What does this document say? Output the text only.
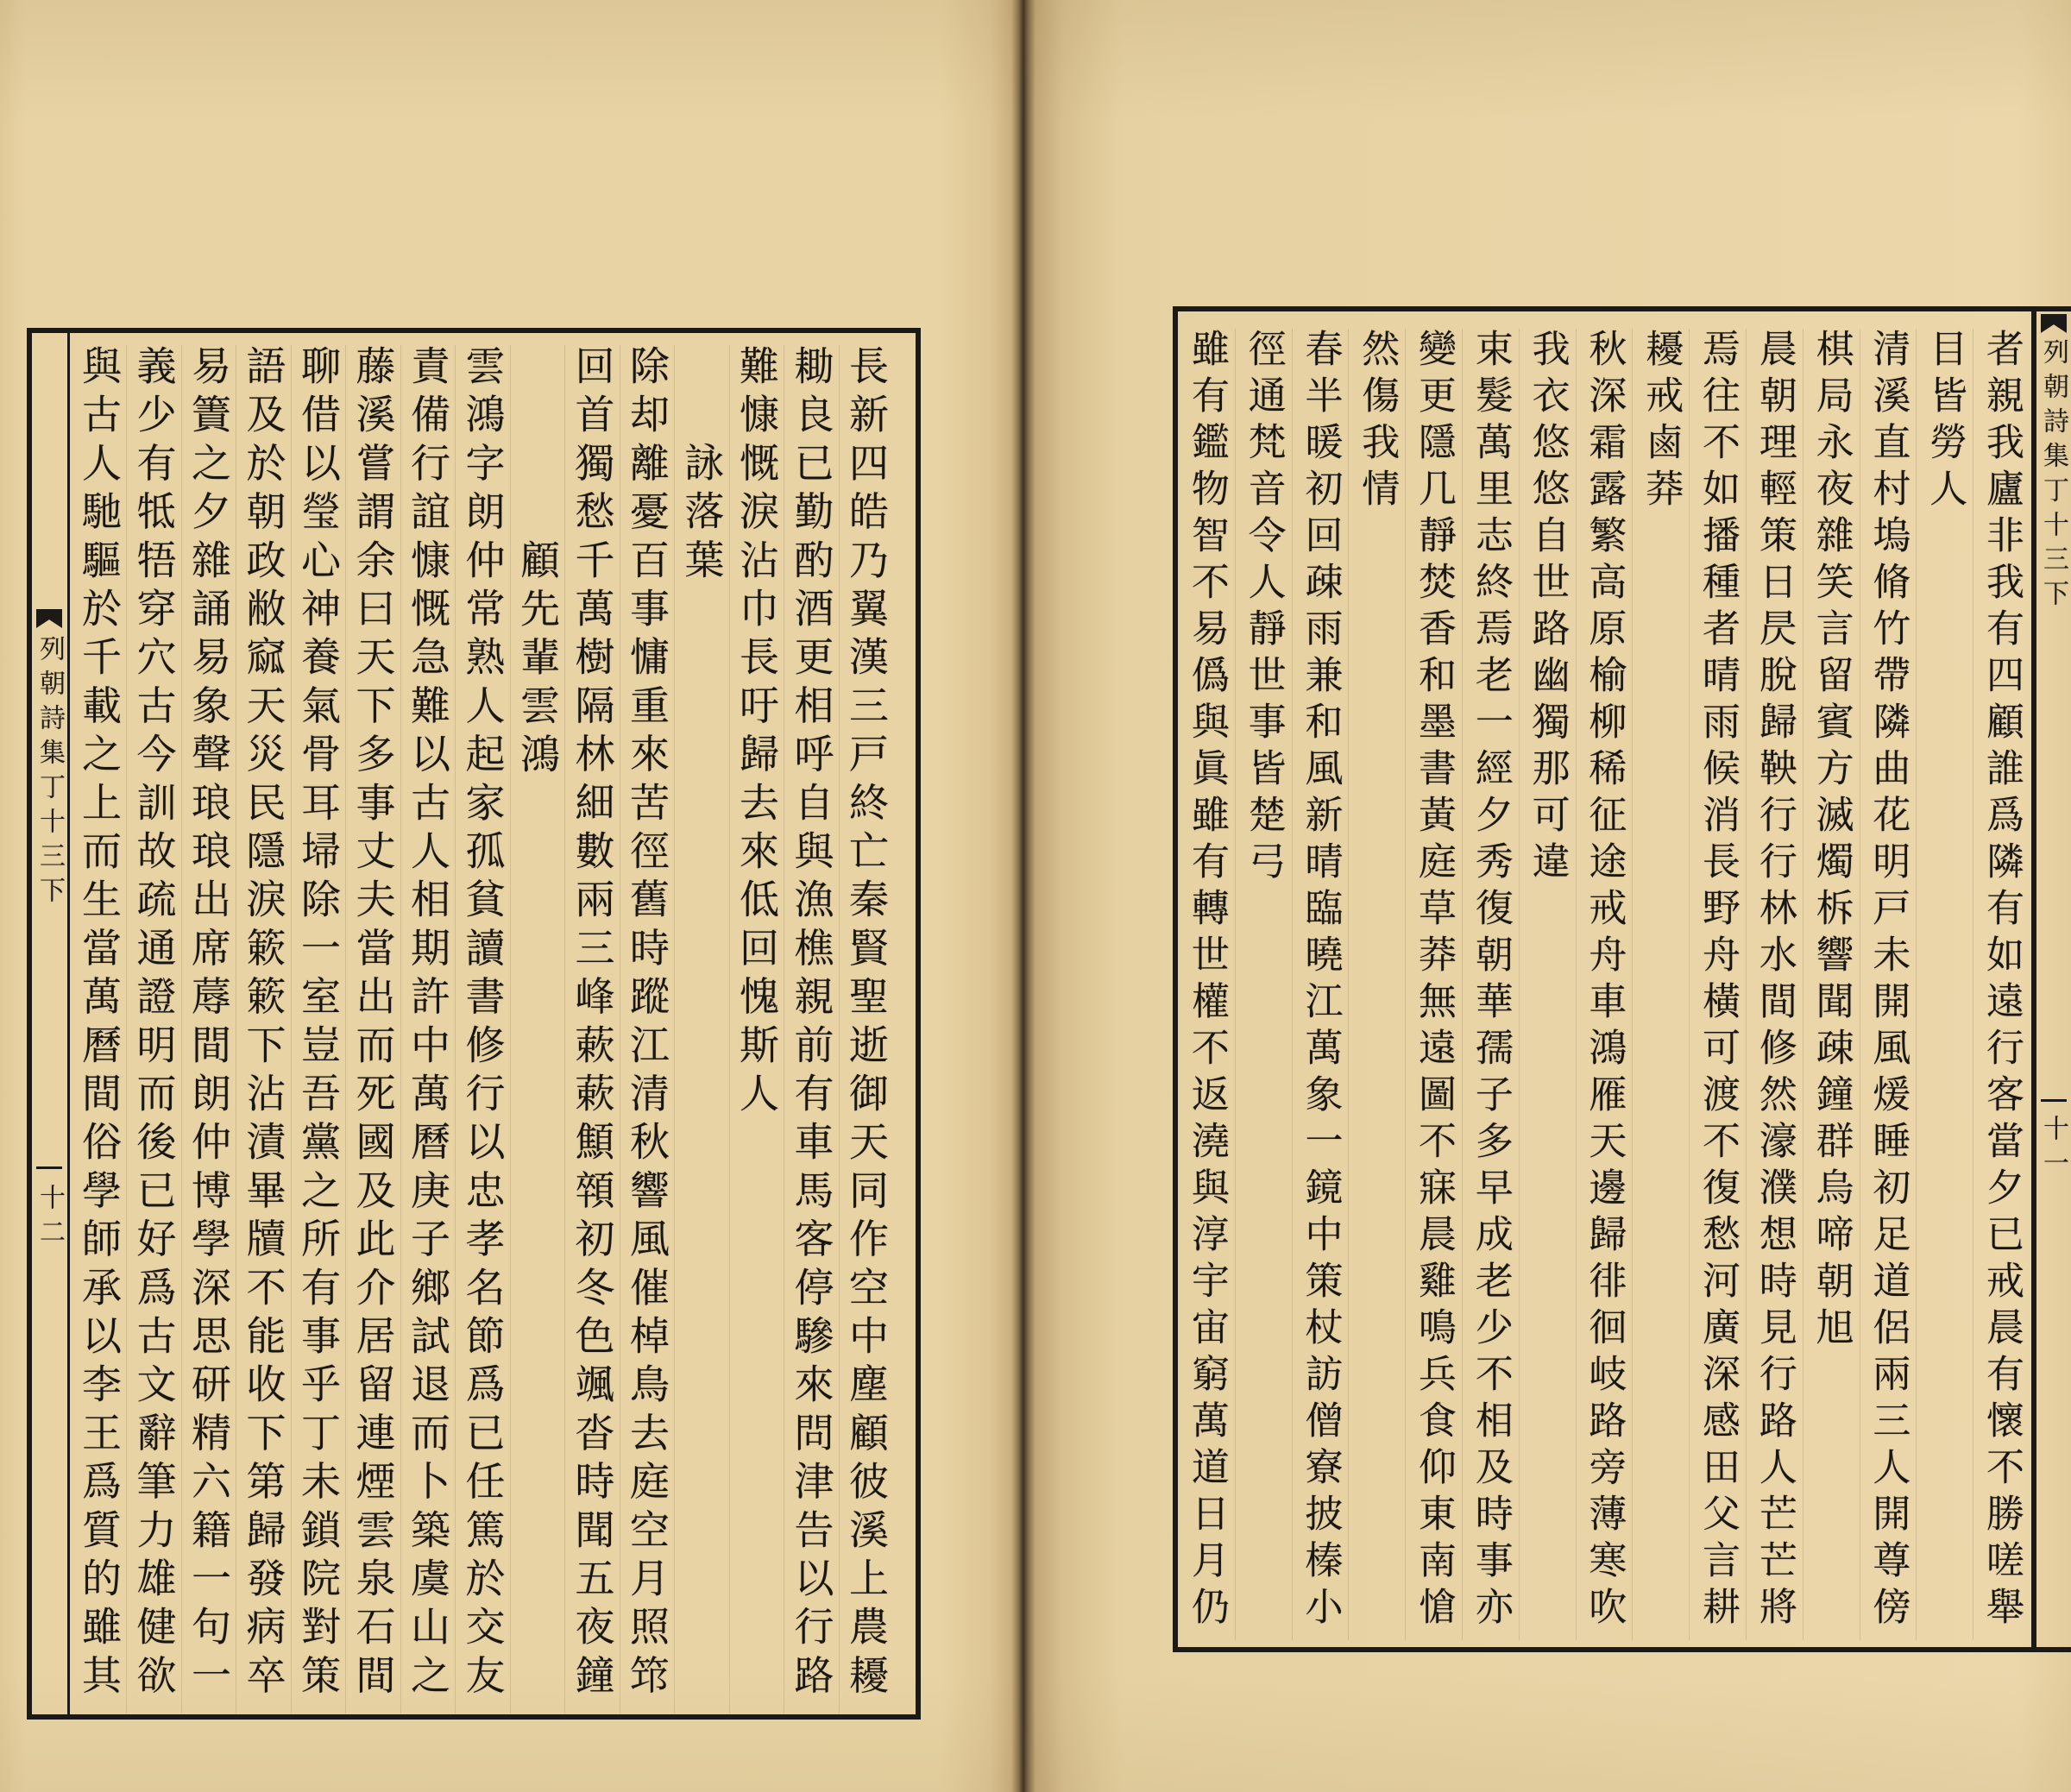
列朝詩集丁十三下
十二	長新四皓乃翼漢三戸終亡秦賢聖逝御天同作空中塵顧彼溪上農耰
耡良已勤酌酒更相呼自與漁樵親前有車馬客停驂來問津告以行路
難慷慨淚沾巾長吁歸去來低回愧斯人
詠落葉
除却離憂百事慵重來苦徑舊時蹤江清秋響風催棹鳥去庭空月照筇
回首獨愁千萬樹隔林細數兩三峰蔌蔌顦顇初冬色颯沓時聞五夜鐘
顧先輩雲鴻
雲鴻字朗仲常熟人起家孤貧讀書修行以忠孝名節爲已任篤於交友
責備行誼慷慨急難以古人相期許中萬曆庚子鄉試退而卜築虞山之
藤溪嘗謂余曰天下多事丈夫當出而死國及此介居留連煙雲泉石間
聊借以瑩心神養氣骨耳埽除一室豈吾黨之所有事乎丁未鎖院對策
語及於朝政敝窳天災民隱淚簌簌下沾漬畢牘不能收下第歸發病卒
易簀之夕雜誦易象聲琅琅出席蓐間朗仲博學深思研精六籍一句一
義少有牴牾穿穴古今訓故疏通證明而後已好爲古文辭筆力雄健欲
與古人馳驅於千載之上而生當萬曆間俗學師承以李王爲質的雖其	列朝詩集丁十三下
十一
者親我廬非我有四顧誰爲隣有如遠行客當夕已戒晨有懷不勝嗟舉
目皆勞人
清溪直村塢脩竹帶隣曲花明戸未開風煖睡初足道侶兩三人開尊傍
棋局永夜雜笑言留賓方滅燭柝響聞疎鐘群烏啼朝旭
晨朝理輕策日昃脫歸鞅行行林水間修然濠濮想時見行路人芒芒將
焉往不如播種者晴雨候消長野舟橫可渡不復愁河廣深感田父言耕
耰戒鹵莽
秋深霜露繁高原榆柳稀征途戒舟車鴻雁天邊歸徘徊岐路旁薄寒吹
我衣悠悠自世路幽獨那可違
束髮萬里志終焉老一經夕秀復朝華孺子多早成老少不相及時事亦
變更隱几靜焚香和墨書黃庭草莽無遠圖不寐晨雞鳴兵食仰東南愴
然傷我情
春半暖初回疎雨兼和風新晴臨曉江萬象一鏡中策杖訪僧寮披榛小
徑通梵音令人靜世事皆楚弓
雖有鑑物智不易僞與眞雖有轉世權不返澆與淳宇宙窮萬道日月仍
